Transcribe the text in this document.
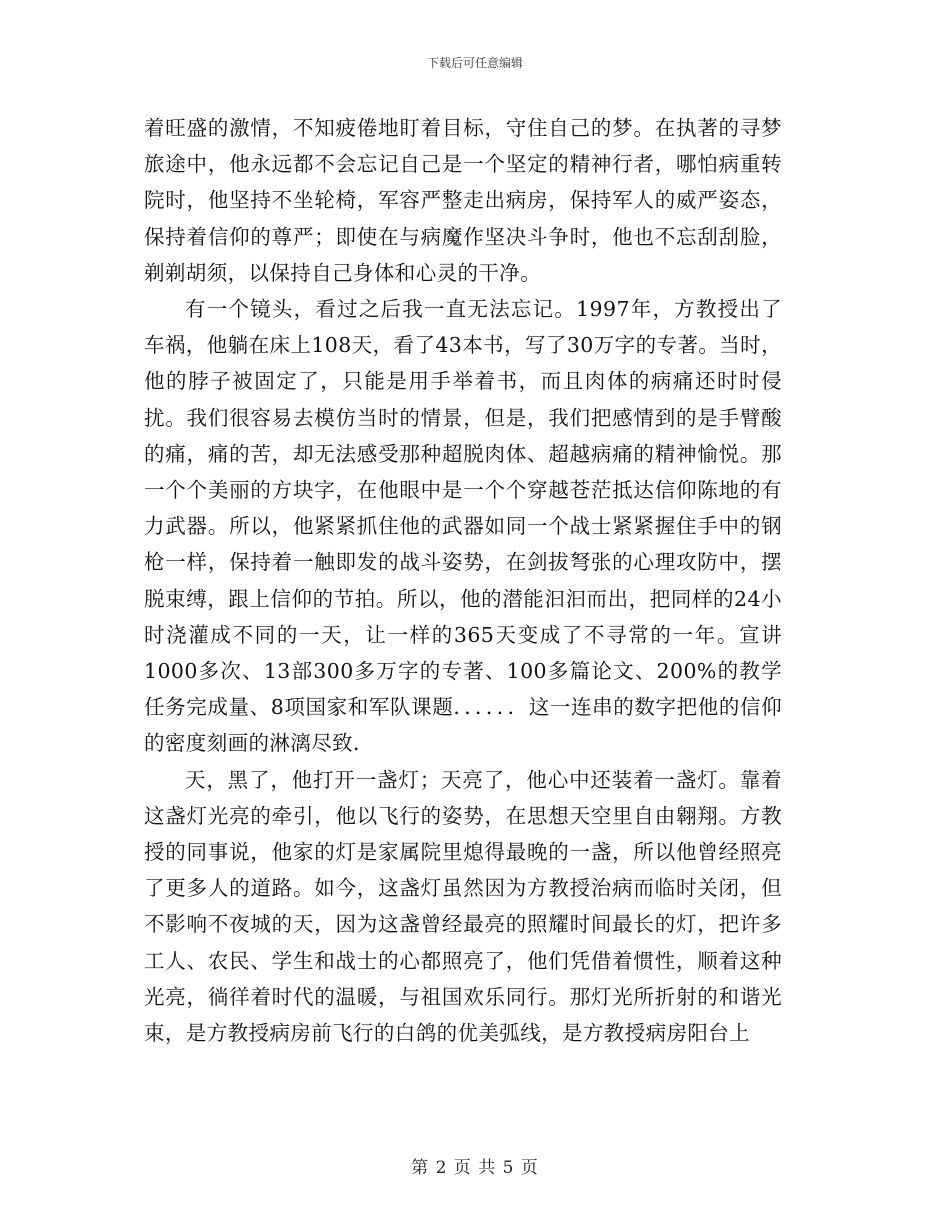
下载后可任意编辑

着旺盛的激情，不知疲倦地盯着目标，守住自己的梦。在执著的寻梦旅途中，他永远都不会忘记自己是一个坚定的精神行者，哪怕病重转院时，他坚持不坐轮椅，军容严整走出病房，保持军人的威严姿态，保持着信仰的尊严；即使在与病魔作坚决斗争时，他也不忘刮刮脸，剃剃胡须，以保持自己身体和心灵的干净。

有一个镜头，看过之后我一直无法忘记。1997年，方教授出了车祸，他躺在床上108天，看了43本书，写了30万字的专著。当时，他的脖子被固定了，只能是用手举着书，而且肉体的病痛还时时侵扰。我们很容易去模仿当时的情景，但是，我们把感情到的是手臂酸的痛，痛的苦，却无法感受那种超脱肉体、超越病痛的精神愉悦。那一个个美丽的方块字，在他眼中是一个个穿越苍茫抵达信仰陈地的有力武器。所以，他紧紧抓住他的武器如同一个战士紧紧握住手中的钢枪一样，保持着一触即发的战斗姿势，在剑拔弩张的心理攻防中，摆脱束缚，跟上信仰的节拍。所以，他的潜能汩汩而出，把同样的24小时浇灌成不同的一天，让一样的365天变成了不寻常的一年。宣讲1000多次、13部300多万字的专著、100多篇论文、200%的教学任务完成量、8项国家和军队课题．．．．．．这一连串的数字把他的信仰的密度刻画的淋漓尽致．

天，黑了，他打开一盏灯；天亮了，他心中还装着一盏灯。靠着这盏灯光亮的牵引，他以飞行的姿势，在思想天空里自由翱翔。方教授的同事说，他家的灯是家属院里熄得最晚的一盏，所以他曾经照亮了更多人的道路。如今，这盏灯虽然因为方教授治病而临时关闭，但不影响不夜城的天，因为这盏曾经最亮的照耀时间最长的灯，把许多工人、农民、学生和战士的心都照亮了，他们凭借着惯性，顺着这种光亮，徜徉着时代的温暖，与祖国欢乐同行。那灯光所折射的和谐光束，是方教授病房前飞行的白鸽的优美弧线，是方教授病房阳台上

第 2 页 共 5 页
